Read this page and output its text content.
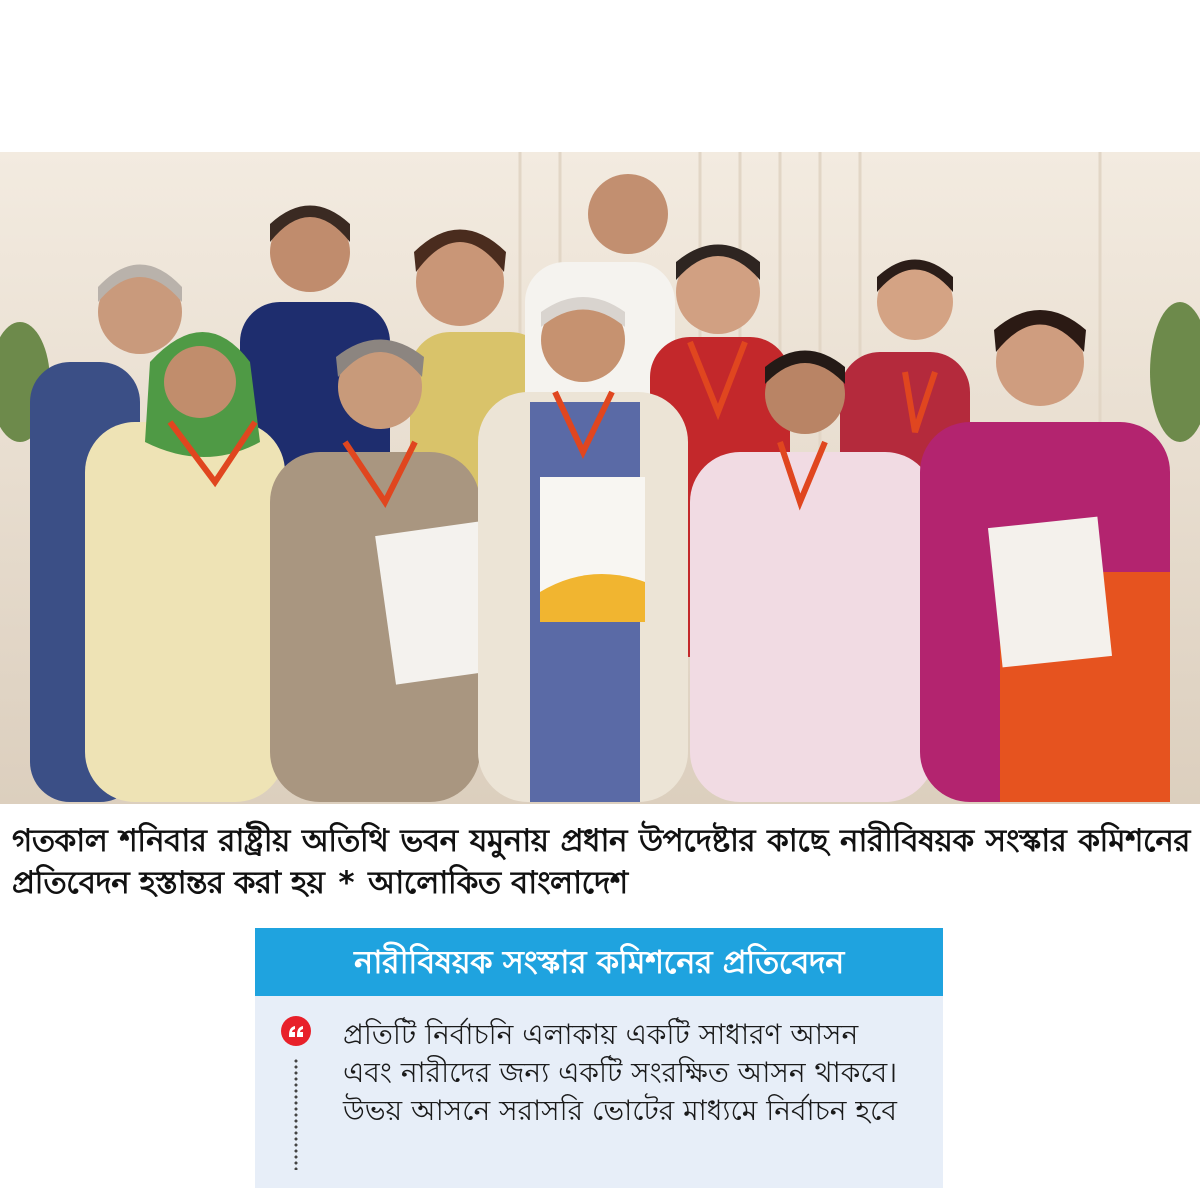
গতকাল শনিবার রাষ্ট্রীয় অতিথি ভবন যমুনায় প্রধান উপদেষ্টার কাছে নারীবিষয়ক সংস্কার কমিশনের প্রতিবেদন হস্তান্তর করা হয় * আলোকিত বাংলাদেশ
নারীবিষয়ক সংস্কার কমিশনের প্রতিবেদন
প্রতিটি নির্বাচনি এলাকায় একটি সাধারণ আসন এবং নারীদের জন্য একটি সংরক্ষিত আসন থাকবে। উভয় আসনে সরাসরি ভোটের মাধ্যমে নির্বাচন হবে
